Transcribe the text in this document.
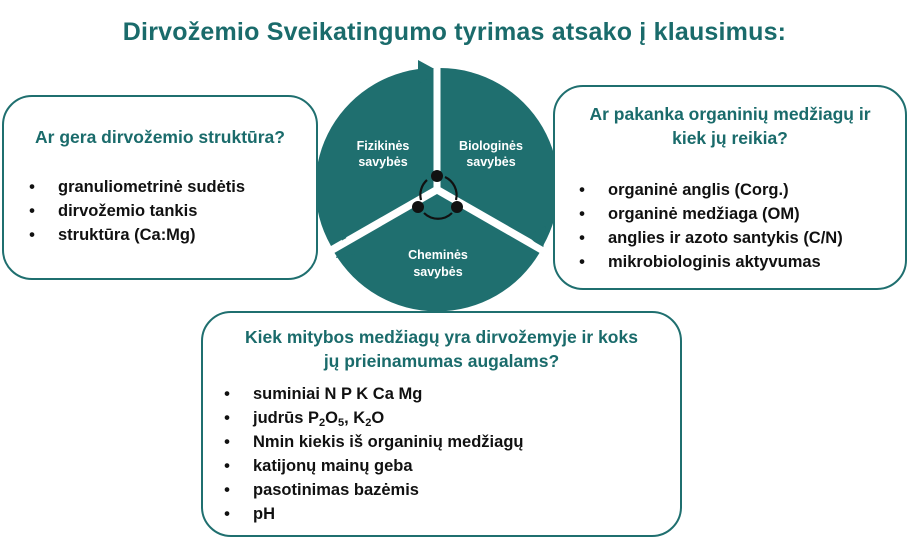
Dirvožemio Sveikatingumo tyrimas atsako į klausimus:
Fizikinės
savybės
Biologinės
savybės
Cheminės
savybės
Ar gera dirvožemio struktūra?
•	granuliometrinė sudėtis
•	dirvožemio tankis
•	struktūra (Ca:Mg)
Ar pakanka organinių medžiagų ir
kiek jų reikia?
•	organinė anglis (Corg.)
•	organinė medžiaga (OM)
•	anglies ir azoto santykis (C/N)
•	mikrobiologinis aktyvumas
Kiek mitybos medžiagų yra dirvožemyje ir koks
jų prieinamumas augalams?
•	suminiai N P K Ca Mg
•	judrūs $P_2O_5$, $K_2O$
•	Nmin kiekis iš organinių medžiagų
•	katijonų mainų geba
•	pasotinimas bazėmis
•	pH
